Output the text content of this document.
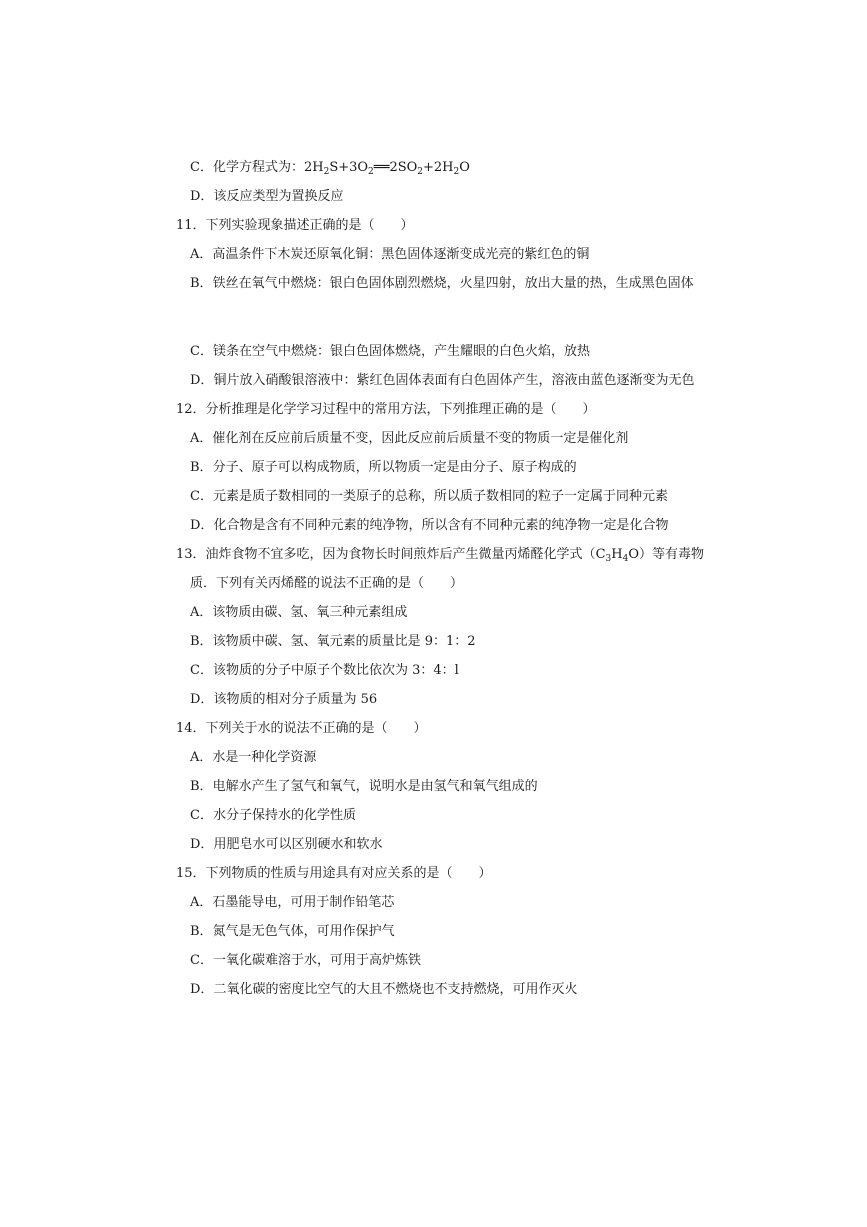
C．化学方程式为：$2H_2S+3O_2══2SO_2+2H_2O$
D．该反应类型为置换反应
11．下列实验现象描述正确的是（　　）
A．高温条件下木炭还原氧化铜：黑色固体逐渐变成光亮的紫红色的铜
B．铁丝在氧气中燃烧：银白色固体剧烈燃烧，火星四射，放出大量的热，生成黑色固体
C．镁条在空气中燃烧：银白色固体燃烧，产生耀眼的白色火焰，放热
D．铜片放入硝酸银溶液中：紫红色固体表面有白色固体产生，溶液由蓝色逐渐变为无色
12．分析推理是化学学习过程中的常用方法，下列推理正确的是（　　）
A．催化剂在反应前后质量不变，因此反应前后质量不变的物质一定是催化剂
B．分子、原子可以构成物质，所以物质一定是由分子、原子构成的
C．元素是质子数相同的一类原子的总称，所以质子数相同的粒子一定属于同种元素
D．化合物是含有不同种元素的纯净物，所以含有不同种元素的纯净物一定是化合物
13．油炸食物不宜多吃，因为食物长时间煎炸后产生微量丙烯醛化学式$(C_3H_4O)$等有毒物
质．下列有关丙烯醛的说法不正确的是（　　）
A．该物质由碳、氢、氧三种元素组成
B．该物质中碳、氢、氧元素的质量比是 9：1：2
C．该物质的分子中原子个数比依次为 3：4：l
D．该物质的相对分子质量为 56
14．下列关于水的说法不正确的是（　　）
A．水是一种化学资源
B．电解水产生了氢气和氧气，说明水是由氢气和氧气组成的
C．水分子保持水的化学性质
D．用肥皂水可以区别硬水和软水
15．下列物质的性质与用途具有对应关系的是（　　）
A．石墨能导电，可用于制作铅笔芯
B．氮气是无色气体，可用作保护气
C．一氧化碳难溶于水，可用于高炉炼铁
D．二氧化碳的密度比空气的大且不燃烧也不支持燃烧，可用作灭火
